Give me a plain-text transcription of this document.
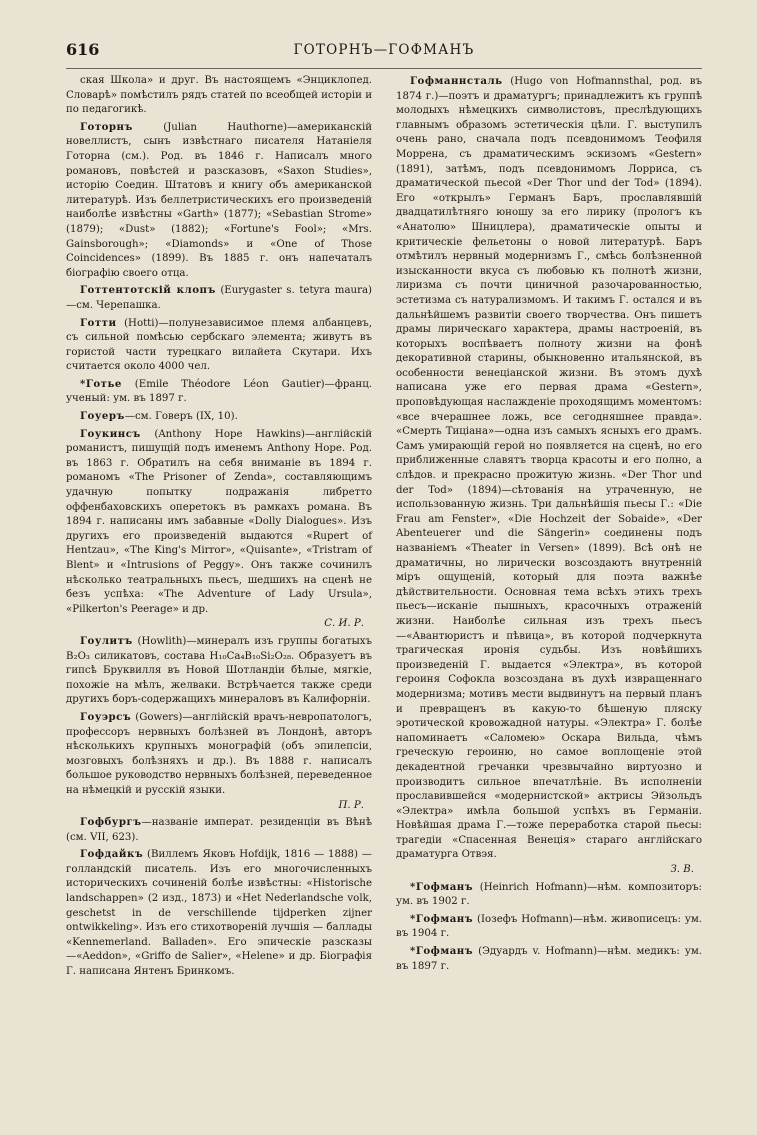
616	ГОТОРНЪ—ГОФМАНЪ

ская Школа» и друг. Въ настоящемъ «Энциклопед. Словарѣ» помѣстилъ рядъ статей по всеобщей исторіи и по педагогикѣ.

Готорнъ (Julian Hauthorne)—американскій новеллистъ, сынъ извѣстнаго писателя Натаніеля Готорна (см.). Род. въ 1846 г. Написалъ много романовъ, повѣстей и разсказовъ, «Saxon Studies», исторію Соедин. Штатовъ и книгу объ американской литературѣ. Изъ беллетристическихъ его произведеній наиболѣе извѣстны «Garth» (1877); «Sebastian Strome» (1879); «Dust» (1882); «Fortune's Fool»; «Mrs. Gainsborough»; «Diamonds» и «One of Those Coincidences» (1899). Въ 1885 г. онъ напечаталъ біографію своего отца.

Готтентотскій клопъ (Eurygaster s. tetyra maura)—см. Черепашка.

Готти (Hotti)—полунезависимое племя албанцевъ, съ сильной помѣсью сербскаго элемента; живутъ въ гористой части турецкаго вилайета Скутари. Ихъ считается около 4000 чел.

*Готье (Emile Théodore Léon Gautier)—франц. ученый: ум. въ 1897 г.

Гоуеръ—см. Говеръ (IX, 10).

Гоукинсъ (Anthony Hope Hawkins)—англійскій романистъ, пишущій подъ именемъ Anthony Hope. Род. въ 1863 г. Обратилъ на себя вниманіе въ 1894 г. романомъ «The Prisoner of Zenda», составляющимъ удачную попытку подражанія либретто оффенбаховскихъ оперетокъ въ рамкахъ романа. Въ 1894 г. написаны имъ забавные «Dolly Dialogues». Изъ другихъ его произведеній выдаются «Rupert of Hentzau», «The King's Mirror», «Quisante», «Tristram of Blent» и «Intrusions of Peggy». Онъ также сочинилъ нѣсколько театральныхъ пьесъ, шедшихъ на сценѣ не безъ успѣха: «The Adventure of Lady Ursula», «Pilkerton's Peerage» и др.

С. И. Р.

Гоулитъ (Howlith)—минералъ изъ группы богатыхъ B₂O₃ силикатовъ, состава H₁₀Ca₄B₁₀Si₂O₂₈. Образуетъ въ гипсѣ Бруквилля въ Новой Шотландіи бѣлые, мягкіе, похожіе на мѣлъ, желваки. Встрѣчается также среди другихъ боръ-содержащихъ минераловъ въ Калифорніи.

Гоуэрсъ (Gowers)—англійскій врачъ-невропатологъ, профессоръ нервныхъ болѣзней въ Лондонѣ, авторъ нѣсколькихъ крупныхъ монографій (объ эпилепсіи, мозговыхъ болѣзняхъ и др.). Въ 1888 г. написалъ большое руководство нервныхъ болѣзней, переведенное на нѣмецкій и русскій языки.

П. Р.

Гофбургъ—названіе императ. резиденціи въ Вѣнѣ (см. VII, 623).

Гофдайкъ (Виллемъ Яковъ Hofdijk, 1816 — 1888) — голландскій писатель. Изъ его многочисленныхъ историческихъ сочиненій болѣе извѣстны: «Historische landschappen» (2 изд., 1873) и «Het Nederlandsche volk, geschetst in de verschillende tijdperken zijner ontwikkeling». Изъ его стихотвореній лучшія — баллады «Kennemerland. Balladen». Его эпическіе разсказы—«Aeddon», «Griffo de Salier», «Helene» и др. Біографія Г. написана Янтенъ Бринкомъ.

Гофманнсталь (Hugo von Hofmannsthal, род. въ 1874 г.)—поэтъ и драматургъ; принадлежитъ къ группѣ молодыхъ нѣмецкихъ символистовъ, преслѣдующихъ главнымъ образомъ эстетическія цѣли. Г. выступилъ очень рано, сначала подъ псевдонимомъ Теофиля Моррена, съ драматическимъ эскизомъ «Gestern» (1891), затѣмъ, подъ псевдонимомъ Лорриса, съ драматической пьесой «Der Thor und der Tod» (1894). Его «открылъ» Германъ Баръ, прославлявшій двадцатилѣтняго юношу за его лирику (прологъ къ «Анатолю» Шницлера), драматическіе опыты и критическіе фельетоны о новой литературѣ. Баръ отмѣтилъ нервный модернизмъ Г., смѣсь болѣзненной изысканности вкуса съ любовью къ полнотѣ жизни, лиризма съ почти циничной разочарованностью, эстетизма съ натурализмомъ. И такимъ Г. остался и въ дальнѣйшемъ развитіи своего творчества. Онъ пишетъ драмы лирическаго характера, драмы настроеній, въ которыхъ воспѣваетъ полноту жизни на фонѣ декоративной старины, обыкновенно итальянской, въ особенности венеціанской жизни. Въ этомъ духѣ написана уже его первая драма «Gestern», проповѣдующая наслажденіе проходящимъ моментомъ: «все вчерашнее ложь, все сегодняшнее правда». «Смерть Тиціана»—одна изъ самыхъ ясныхъ его драмъ. Самъ умирающій герой но появляется на сценѣ, но его приближенные славятъ творца красоты и его полно, а слѣдов. и прекрасно прожитую жизнь. «Der Thor und der Tod» (1894)—сѣтованія на утраченную, не использованную жизнь. Три дальнѣйшія пьесы Г.: «Die Frau am Fenster», «Die Hochzeit der Sobaide», «Der Abenteuerer und die Sängerin» соединены подъ названіемъ «Theater in Versen» (1899). Всѣ онѣ не драматичны, но лирически возсоздаютъ внутренній міръ ощущеній, который для поэта важнѣе дѣйствительности. Основная тема всѣхъ этихъ трехъ пьесъ—исканіе пышныхъ, красочныхъ отраженій жизни. Наиболѣе сильная изъ трехъ пьесъ—«Авантюристъ и пѣвица», въ которой подчеркнута трагическая иронія судьбы. Изъ новѣйшихъ произведеній Г. выдается «Электра», въ которой героиня Софокла возсоздана въ духѣ извращеннаго модернизма; мотивъ мести выдвинутъ на первый планъ и превращенъ въ какую-то бѣшеную пляску эротической кровожадной натуры. «Электра» Г. болѣе напоминаетъ «Саломею» Оскара Вильда, чѣмъ греческую героиню, но самое воплощеніе этой декадентной гречанки чрезвычайно виртуозно и производитъ сильное впечатлѣніе. Въ исполненіи прославившейся «модернистской» актрисы Эйзольдъ «Электра» имѣла большой успѣхъ въ Германіи. Новѣйшая драма Г.—тоже переработка старой пьесы: трагедіи «Спасенная Венеція» стараго англійскаго драматурга Отвэя.

З. В.

*Гофманъ (Heinrich Hofmann)—нѣм. композиторъ: ум. въ 1902 г.

*Гофманъ (Іозефъ Hofmann)—нѣм. живописецъ: ум. въ 1904 г.

*Гофманъ (Эдуардъ v. Hofmann)—нѣм. медикъ: ум. въ 1897 г.
